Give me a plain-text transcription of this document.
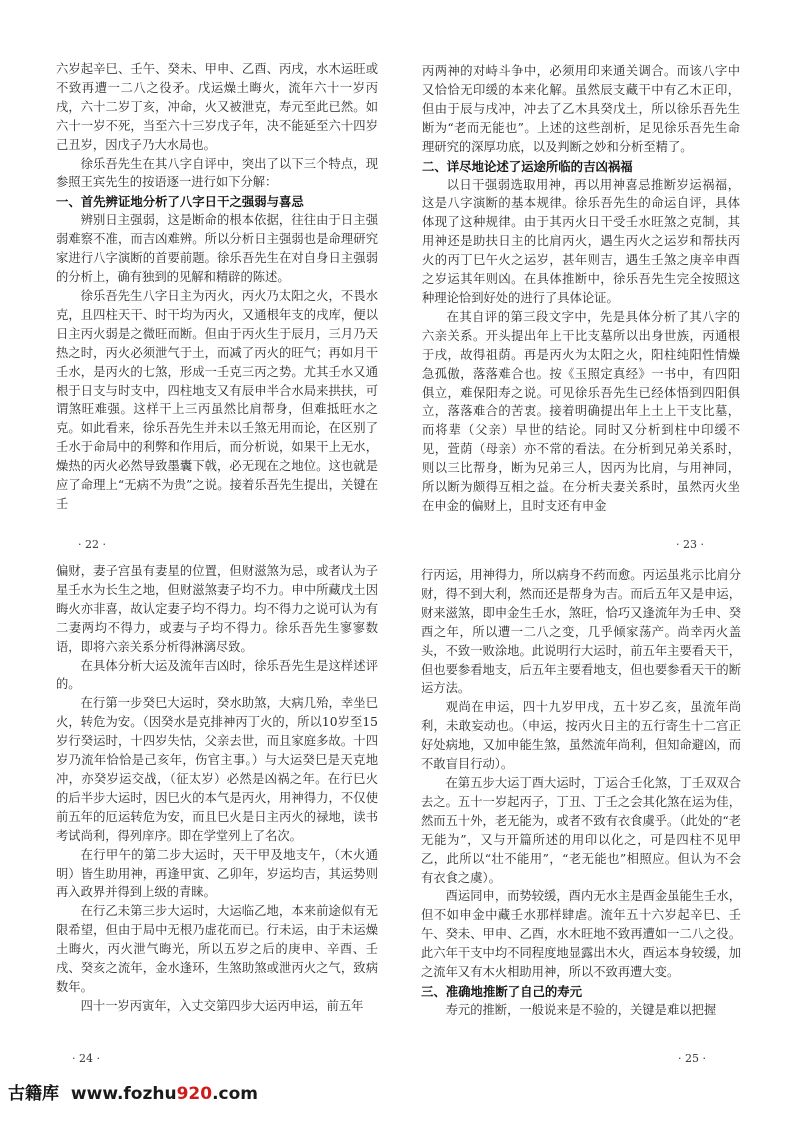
六岁起辛巳、壬午、癸未、甲申、乙酉、丙戌，水木运旺或不致再遭一二八之役矛。戊运燥土晦火，流年六十一岁丙戌，六十二岁丁亥，冲命，火又被泄克，寿元至此已然。如六十一岁不死，当至六十三岁戊子年，决不能延至六十四岁己丑岁，因戊子乃大水局也。

徐乐吾先生在其八字自评中，突出了以下三个特点，现参照王宾先生的按语逐一进行如下分解：

一、首先辨证地分析了八字日干之强弱与喜忌

辨别日主强弱，这是断命的根本依据，往往由于日主强弱难察不准，而吉凶难辨。所以分析日主强弱也是命理研究家进行八字演断的首要前题。徐乐吾先生在对自身日主强弱的分析上，确有独到的见解和精辟的陈述。

徐乐吾先生八字日主为丙火，丙火乃太阳之火，不畏水克，且四柱天干、时干均为丙火，又通根年支的戌库，便以日主丙火弱是之微旺而断。但由于丙火生于辰月，三月乃天热之时，丙火必须泄气于土，而减了丙火的旺气；再如月干壬水，是丙火的七煞，形成一壬克三丙之势。尤其壬水又通根于日支与时支中，四柱地支又有辰申半合水局来拱扶，可谓煞旺难强。这样干上三丙虽然比肩帮身，但难抵旺水之克。如此看来，徐乐吾先生并未以壬煞无用而论，在区别了壬水于命局中的利弊和作用后，而分析说，如果干上无水，燥热的丙火必然导致墨囊下戟，必无现在之地位。这也就是应了命理上“无病不为贵”之说。接着乐吾先生提出，关键在壬

· 22 ·

丙两神的对峙斗争中，必须用印来通关调合。而该八字中又恰恰无印缓的本来化解。虽然辰支藏干中有乙木正印，但由于辰与戌冲，冲去了乙木具癸戊土，所以徐乐吾先生断为“老而无能也”。上述的这些剖析，足见徐乐吾先生命理研究的深厚功底，以及判断之妙和分析至精了。

二、详尽地论述了运途所临的吉凶祸福

以日干强弱选取用神，再以用神喜忌推断岁运祸福，这是八字演断的基本规律。徐乐吾先生的命运自评，具体体现了这种规律。由于其丙火日干受壬水旺煞之克制，其用神还是助扶日主的比肩丙火，遇生丙火之运岁和帮扶丙火的丙丁巳午火之运岁，甚年则吉，遇生壬煞之庚辛申酉之岁运其年则凶。在具体推断中，徐乐吾先生完全按照这种理论恰到好处的进行了具体论证。

在其自评的第三段文字中，先是具体分析了其八字的六亲关系。开头提出年上干比支墓所以出身世族，丙通根于戌，故得祖荫。再是丙火为太阳之火，阳柱纯阳性情燥急孤傲，落落难合也。按《玉照定真经》一书中，有四阳俱立，难保阳寿之说。可见徐乐吾先生已经体悟到四阳俱立，落落难合的苦衷。接着明确提出年上土上干支比墓，而将辈（父亲）早世的结论。同时又分析到柱中印缓不见，萱荫（母亲）亦不常的看法。在分析到兄弟关系时，则以三比帮身，断为兄弟三人，因丙为比肩，与用神同，所以断为颇得互相之益。在分析夫妻关系时，虽然丙火坐在申金的偏财上，且时支还有申金

· 23 ·

偏财，妻子宫虽有妻星的位置，但财滋煞为忌，或者认为子星壬水为长生之地，但财滋煞妻子均不力。申中所藏戊土因晦火亦非喜，故认定妻子均不得力。均不得力之说可认为有二妻两均不得力，或妻与子均不得力。徐乐吾先生寥寥数语，即将六亲关系分析得淋漓尽致。

在具体分析大运及流年吉凶时，徐乐吾先生是这样述评的。

在行第一步癸巳大运时，癸水助煞，大病几殆，幸坐巳火，转危为安。（因癸水是克排神丙丁火的，所以10岁至15岁行癸运时，十四岁失怙，父亲去世，而且家庭多故。十四岁乃流年恰恰是己亥年，伤官主事。）与大运癸巳是天克地冲，亦癸岁运交战，（征太岁）必然是凶祸之年。在行巳火的后半步大运时，因巳火的本气是丙火，用神得力，不仅使前五年的厄运转危为安，而且巳火是日主丙火的禄地，读书考试尚利，得列庠序。即在学堂列上了名次。

在行甲午的第二步大运时，天干甲及地支午，（木火通明）皆生助用神，再逢甲寅、乙卯年，岁运均吉，其运势则再入政界并得到上级的青睐。

在行乙未第三步大运时，大运临乙地，本来前途似有无限希望，但由于局中无根乃虚花而已。行未运，由于未运燥土晦火，丙火泄气晦光，所以五岁之后的庚申、辛酉、壬戌、癸亥之流年，金水逢环，生煞助煞或泄丙火之气，致病数年。

四十一岁丙寅年，入丈交第四步大运丙申运，前五年

· 24 ·

行丙运，用神得力，所以病身不药而愈。丙运虽兆示比肩分财，得不到大利，然而还是帮身为吉。而后五年又是申运，财来滋煞，即申金生壬水，煞旺，恰巧又逢流年为壬申、癸酉之年，所以遭一二八之变，几乎倾家荡产。尚幸丙火盖头，不致一败涂地。此说明行大运时，前五年主要看天干，但也要参看地支，后五年主要看地支，但也要参看天干的断运方法。

观尚在申运，四十九岁甲戌，五十岁乙亥，虽流年尚利，未敢妄动也。（申运，按丙火日主的五行寄生十二宫正好处病地，又加申能生煞，虽然流年尚利，但知命避凶，而不敢盲目行动）。

在第五步大运丁酉大运时，丁运合壬化煞，丁壬双双合去之。五十一岁起丙子，丁丑、丁壬之会其化煞在运为佳，然而五十外，老无能为，或者不致有衣食虞乎。（此处的“老无能为”，又与开篇所述的用印以化之，可是四柱不见甲乙，此所以“壮不能用”，“老无能也”相照应。但认为不会有衣食之虞）。

酉运同申，而势较缓，酉内无水主是酉金虽能生壬水，但不如申金中藏壬水那样肆虐。流年五十六岁起辛巳、壬午、癸未、甲申、乙酉，水木旺地不致再遭如一二八之役。此六年干支中均不同程度地显露出木火，酉运本身较缓，加之流年又有木火相助用神，所以不致再遭大变。

三、准确地推断了自己的寿元

寿元的推断，一般说来是不验的，关键是难以把握

· 25 ·
古籍库 www.fozhu920.com
